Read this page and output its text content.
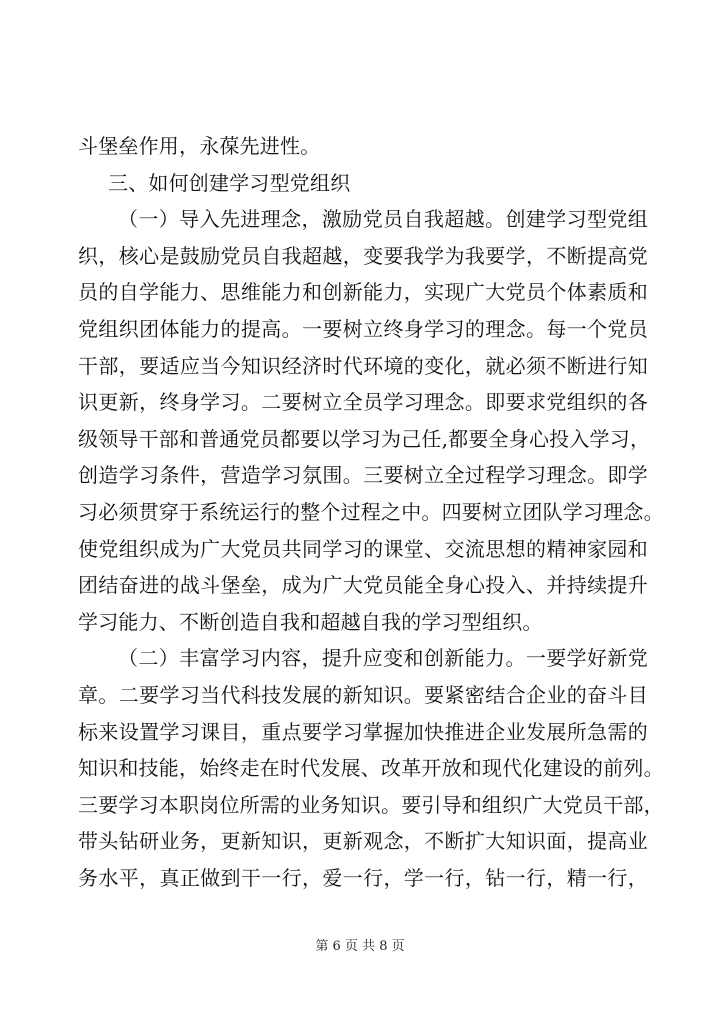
斗堡垒作用，永葆先进性。
三、如何创建学习型党组织
（一）导入先进理念，激励党员自我超越。创建学习型党组
织，核心是鼓励党员自我超越，变要我学为我要学，不断提高党
员的自学能力、思维能力和创新能力，实现广大党员个体素质和
党组织团体能力的提高。一要树立终身学习的理念。每一个党员
干部，要适应当今知识经济时代环境的变化，就必须不断进行知
识更新，终身学习。二要树立全员学习理念。即要求党组织的各
级领导干部和普通党员都要以学习为己任,都要全身心投入学习，
创造学习条件，营造学习氛围。三要树立全过程学习理念。即学
习必须贯穿于系统运行的整个过程之中。四要树立团队学习理念。
使党组织成为广大党员共同学习的课堂、交流思想的精神家园和
团结奋进的战斗堡垒，成为广大党员能全身心投入、并持续提升
学习能力、不断创造自我和超越自我的学习型组织。
（二）丰富学习内容，提升应变和创新能力。一要学好新党
章。二要学习当代科技发展的新知识。要紧密结合企业的奋斗目
标来设置学习课目，重点要学习掌握加快推进企业发展所急需的
知识和技能，始终走在时代发展、改革开放和现代化建设的前列。
三要学习本职岗位所需的业务知识。要引导和组织广大党员干部，
带头钻研业务，更新知识，更新观念，不断扩大知识面，提高业
务水平，真正做到干一行，爱一行，学一行，钻一行，精一行，
第 6 页 共 8 页
